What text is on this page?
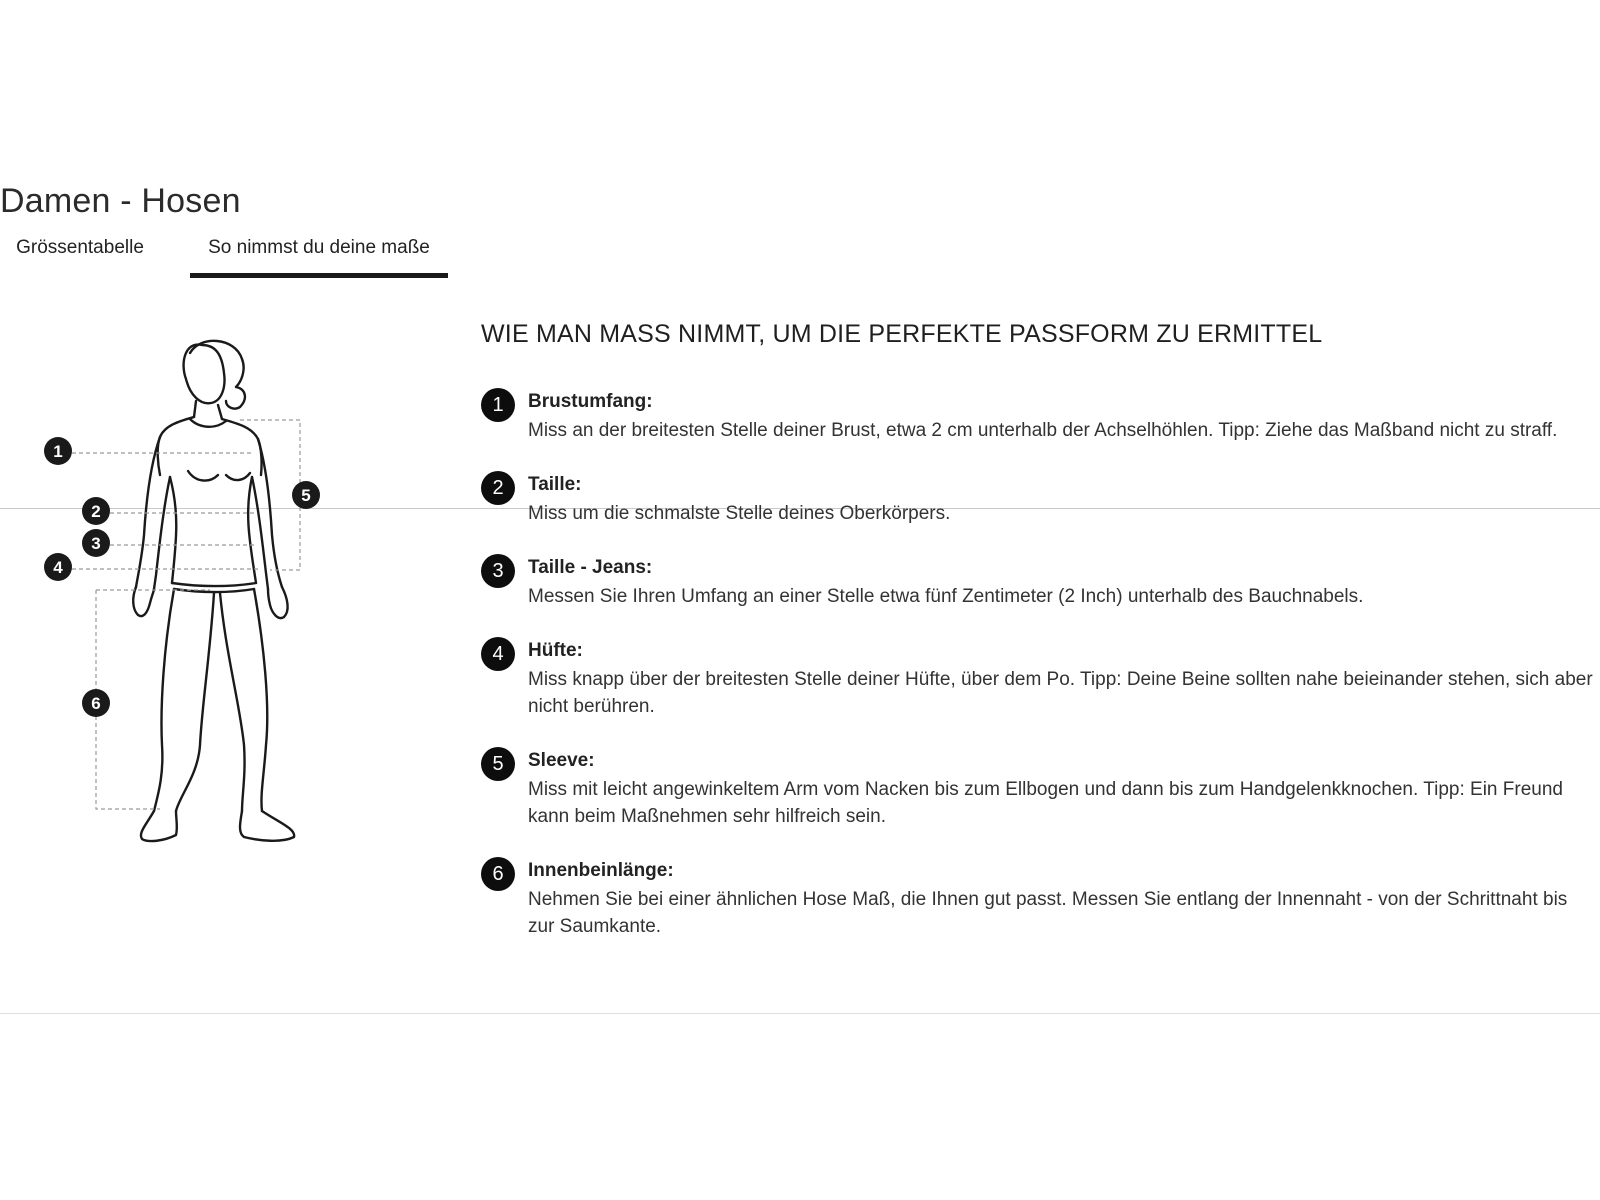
Damen - Hosen
Grössentabelle	So nimmst du deine maße
1
2
3
4
5
6
WIE MAN MASS NIMMT, UM DIE PERFEKTE PASSFORM ZU ERMITTEL
1	Brustumfang:
Miss an der breitesten Stelle deiner Brust, etwa 2 cm unterhalb der Achselhöhlen. Tipp: Ziehe das Maßband nicht zu straff.
2	Taille:
Miss um die schmalste Stelle deines Oberkörpers.
3	Taille - Jeans:
Messen Sie Ihren Umfang an einer Stelle etwa fünf Zentimeter (2 Inch) unterhalb des Bauchnabels.
4	Hüfte:
Miss knapp über der breitesten Stelle deiner Hüfte, über dem Po. Tipp: Deine Beine sollten nahe beieinander stehen, sich aber nicht berühren.
5	Sleeve:
Miss mit leicht angewinkeltem Arm vom Nacken bis zum Ellbogen und dann bis zum Handgelenkknochen. Tipp: Ein Freund kann beim Maßnehmen sehr hilfreich sein.
6	Innenbeinlänge:
Nehmen Sie bei einer ähnlichen Hose Maß, die Ihnen gut passt. Messen Sie entlang der Innennaht - von der Schrittnaht bis zur Saumkante.
